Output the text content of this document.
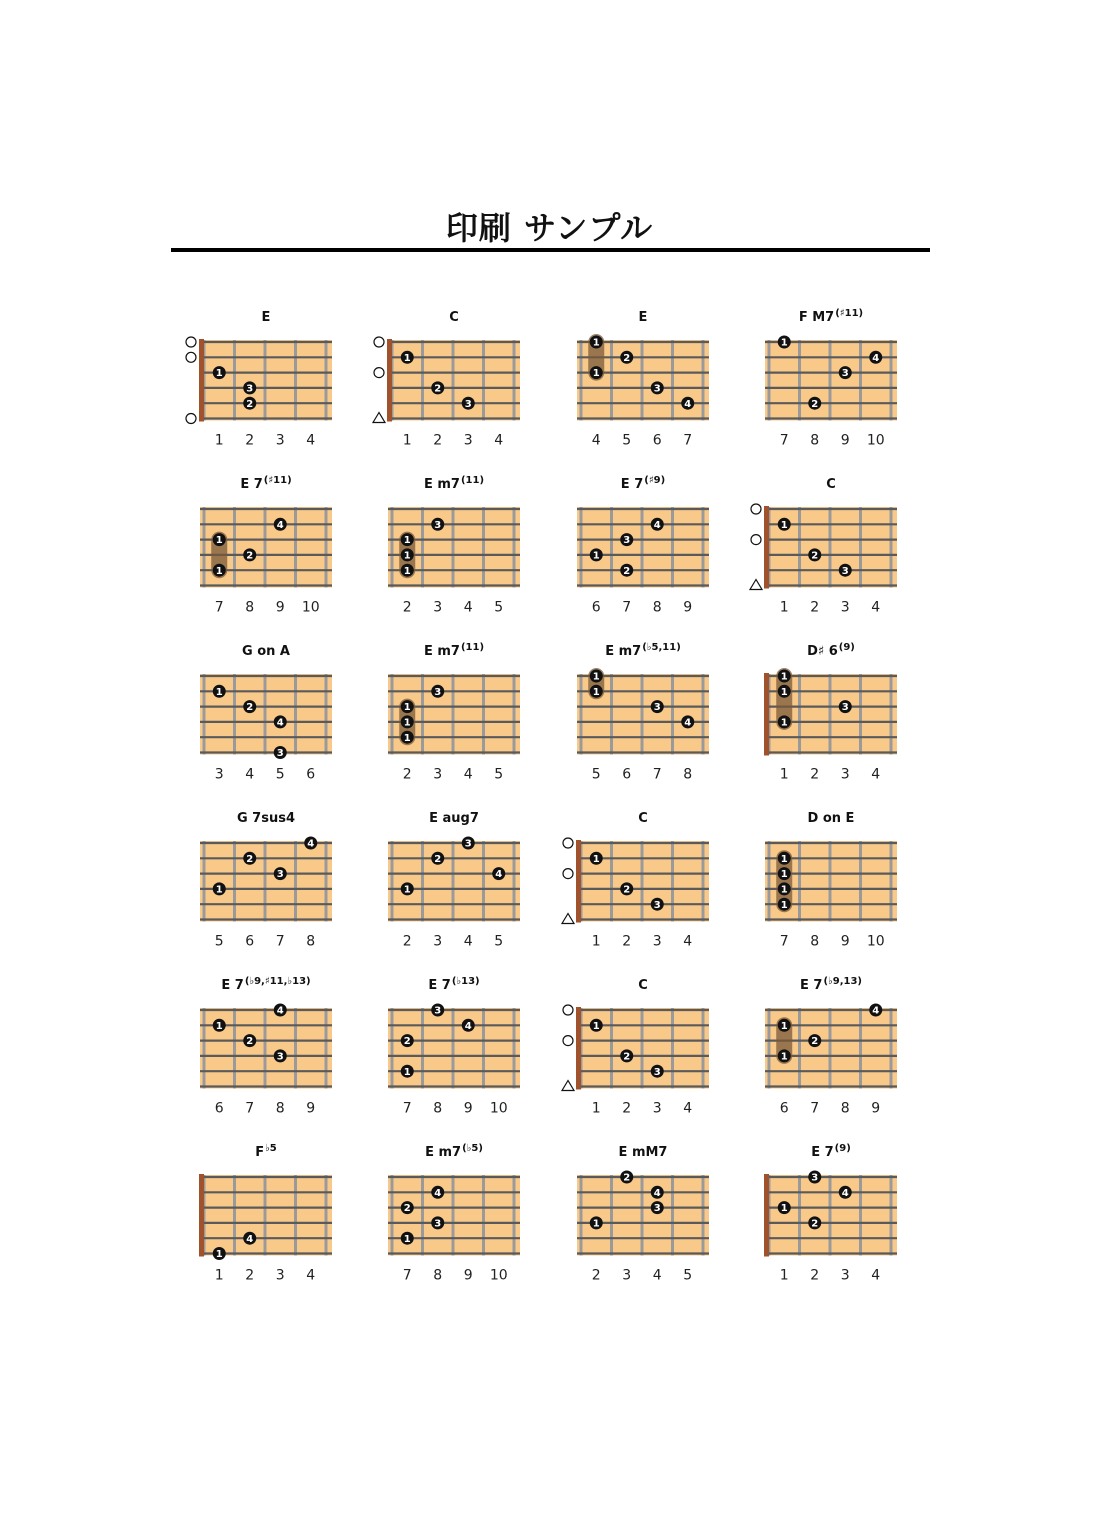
印刷 サンプル
E
1
3
2
1 2 3 4
C
1
2
3
1 2 3 4
E
1
1
2
3
4
4 5 6 7
F $M7^{(♯11)}$
1
4
3
2
7 8 9 10
E $7^{(♯11)}$
4
1
2
1
7 8 9 10
E m7$^{(11)}$
3
1
1
1
2 3 4 5
E $7^{(♯9)}$
4
3
1
2
6 7 8 9
C
1
2
3
1 2 3 4
G on A
1
2
4
3
3 4 5 6
E m7$^{(11)}$
3
1
1
1
2 3 4 5
E $m7^{(♭5,11)}$
1
1
3
4
5 6 7 8
D♯ 6$^{(9)}$
1
1
1
3
1 2 3 4
G 7sus4
4
2
3
1
5 6 7 8
E aug7
3
2
4
1
2 3 4 5
C
1
2
3
1 2 3 4
D on E
1
1
1
1
7 8 9 10
E $7^{(♭9,♯11,♭13)}$
4
1
2
3
6 7 8 9
E $7^{(♭13)}$
3
4
2
1
7 8 9 10
C
1
2
3
1 2 3 4
E $7^{(♭9,13)}$
4
1
1
2
6 7 8 9
$F^{♭5}$
4
1
1 2 3 4
E $m7^{(♭5)}$
4
2
3
1
7 8 9 10
E mM7
2
4
3
1
2 3 4 5
E 7$^{(9)}$
3
4
1
2
1 2 3 4
